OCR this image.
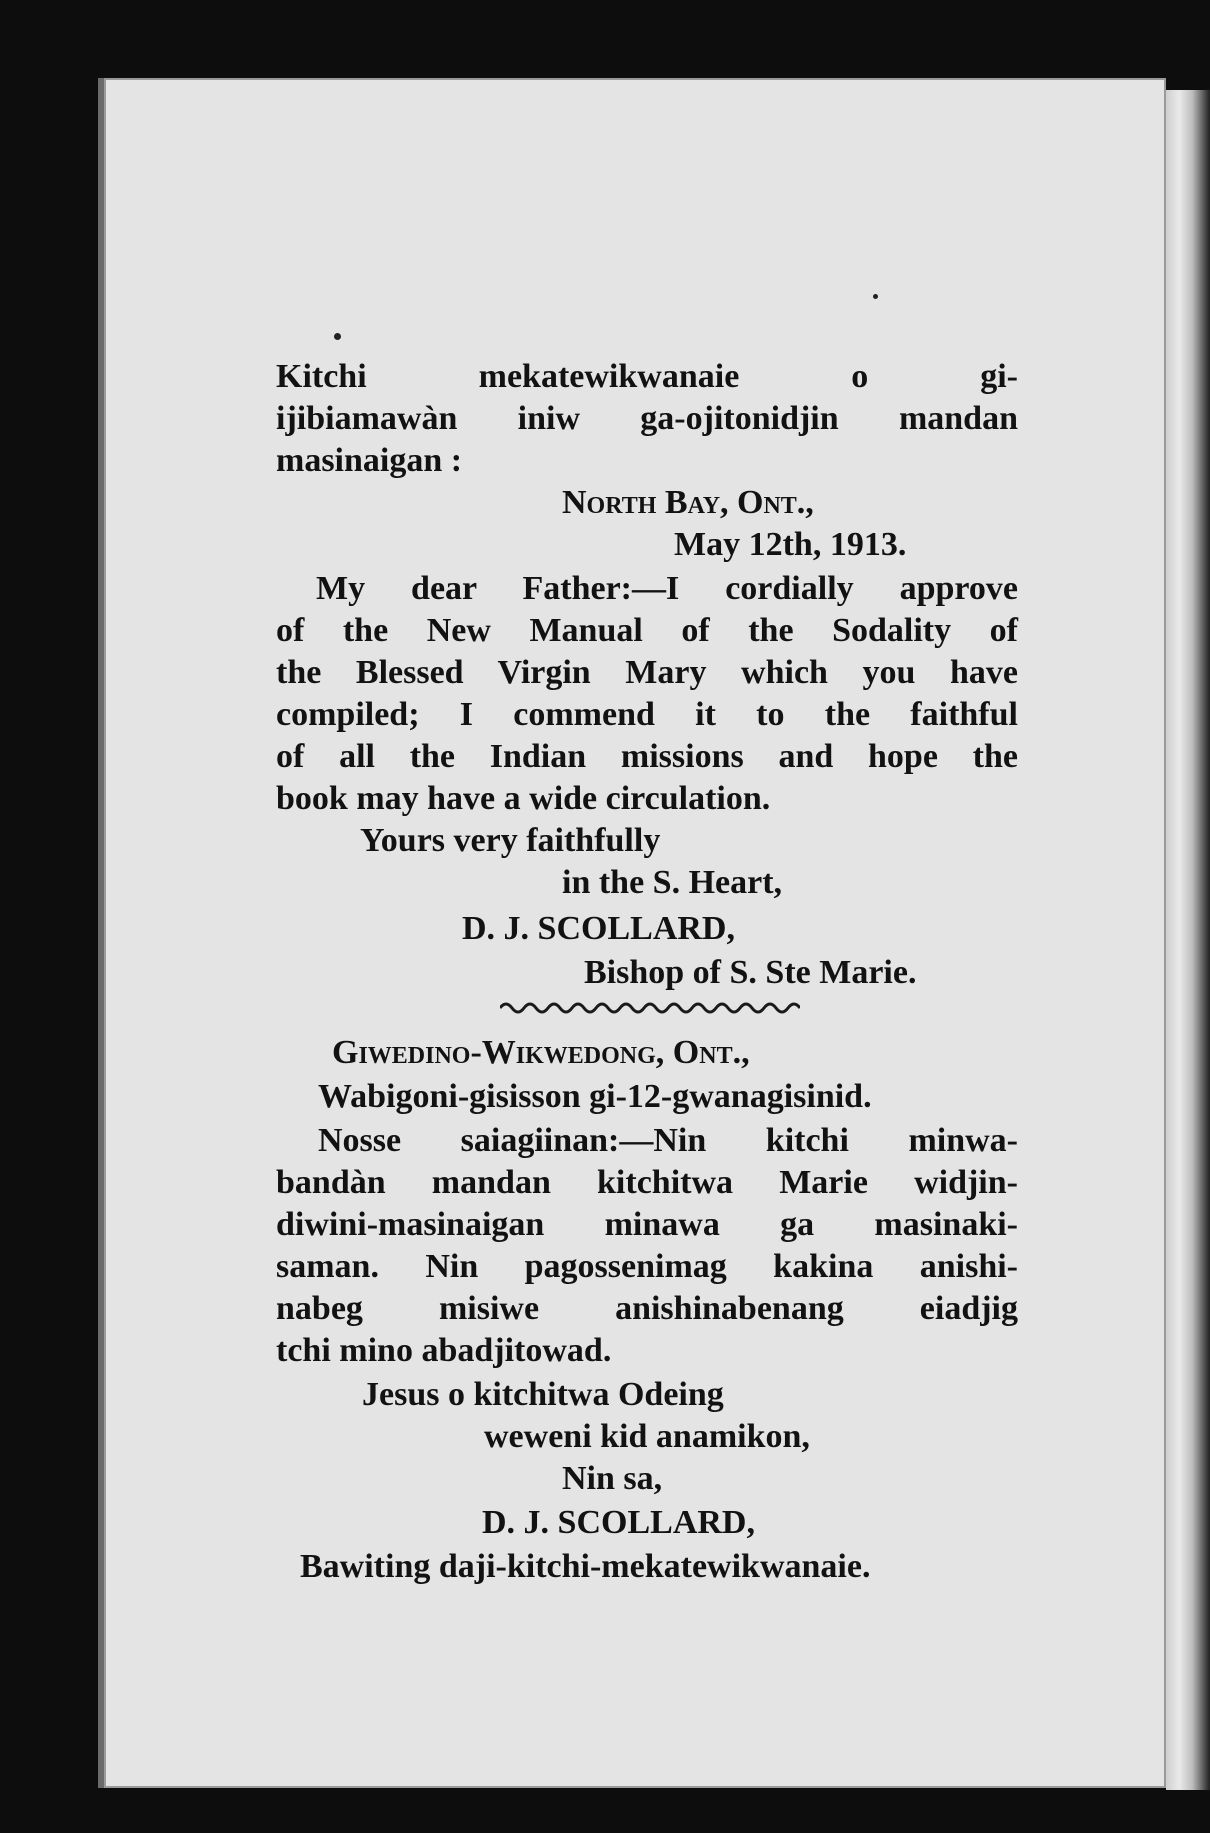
Kitchi mekatewikwanaie o gi-

ijibiamawàn iniw ga-ojitonidjin mandan

masinaigan :

North Bay, Ont.,

May 12th, 1913.

My dear Father:—I cordially approve

of the New Manual of the Sodality of

the Blessed Virgin Mary which you have

compiled; I commend it to the faithful

of all the Indian missions and hope the

book may have a wide circulation.

Yours very faithfully

in the S. Heart,

D. J. SCOLLARD,

Bishop of S. Ste Marie.

Giwedino-Wikwedong, Ont.,

Wabigoni-gisisson gi-12-gwanagisinid.

Nosse saiagiinan:—Nin kitchi minwa-

bandàn mandan kitchitwa Marie widjin-

diwini-masinaigan minawa ga masinaki-

saman. Nin pagossenimag kakina anishi-

nabeg misiwe anishinabenang eiadjig

tchi mino abadjitowad.

Jesus o kitchitwa Odeing

weweni kid anamikon,

Nin sa,

D. J. SCOLLARD,

Bawiting daji-kitchi-mekatewikwanaie.
